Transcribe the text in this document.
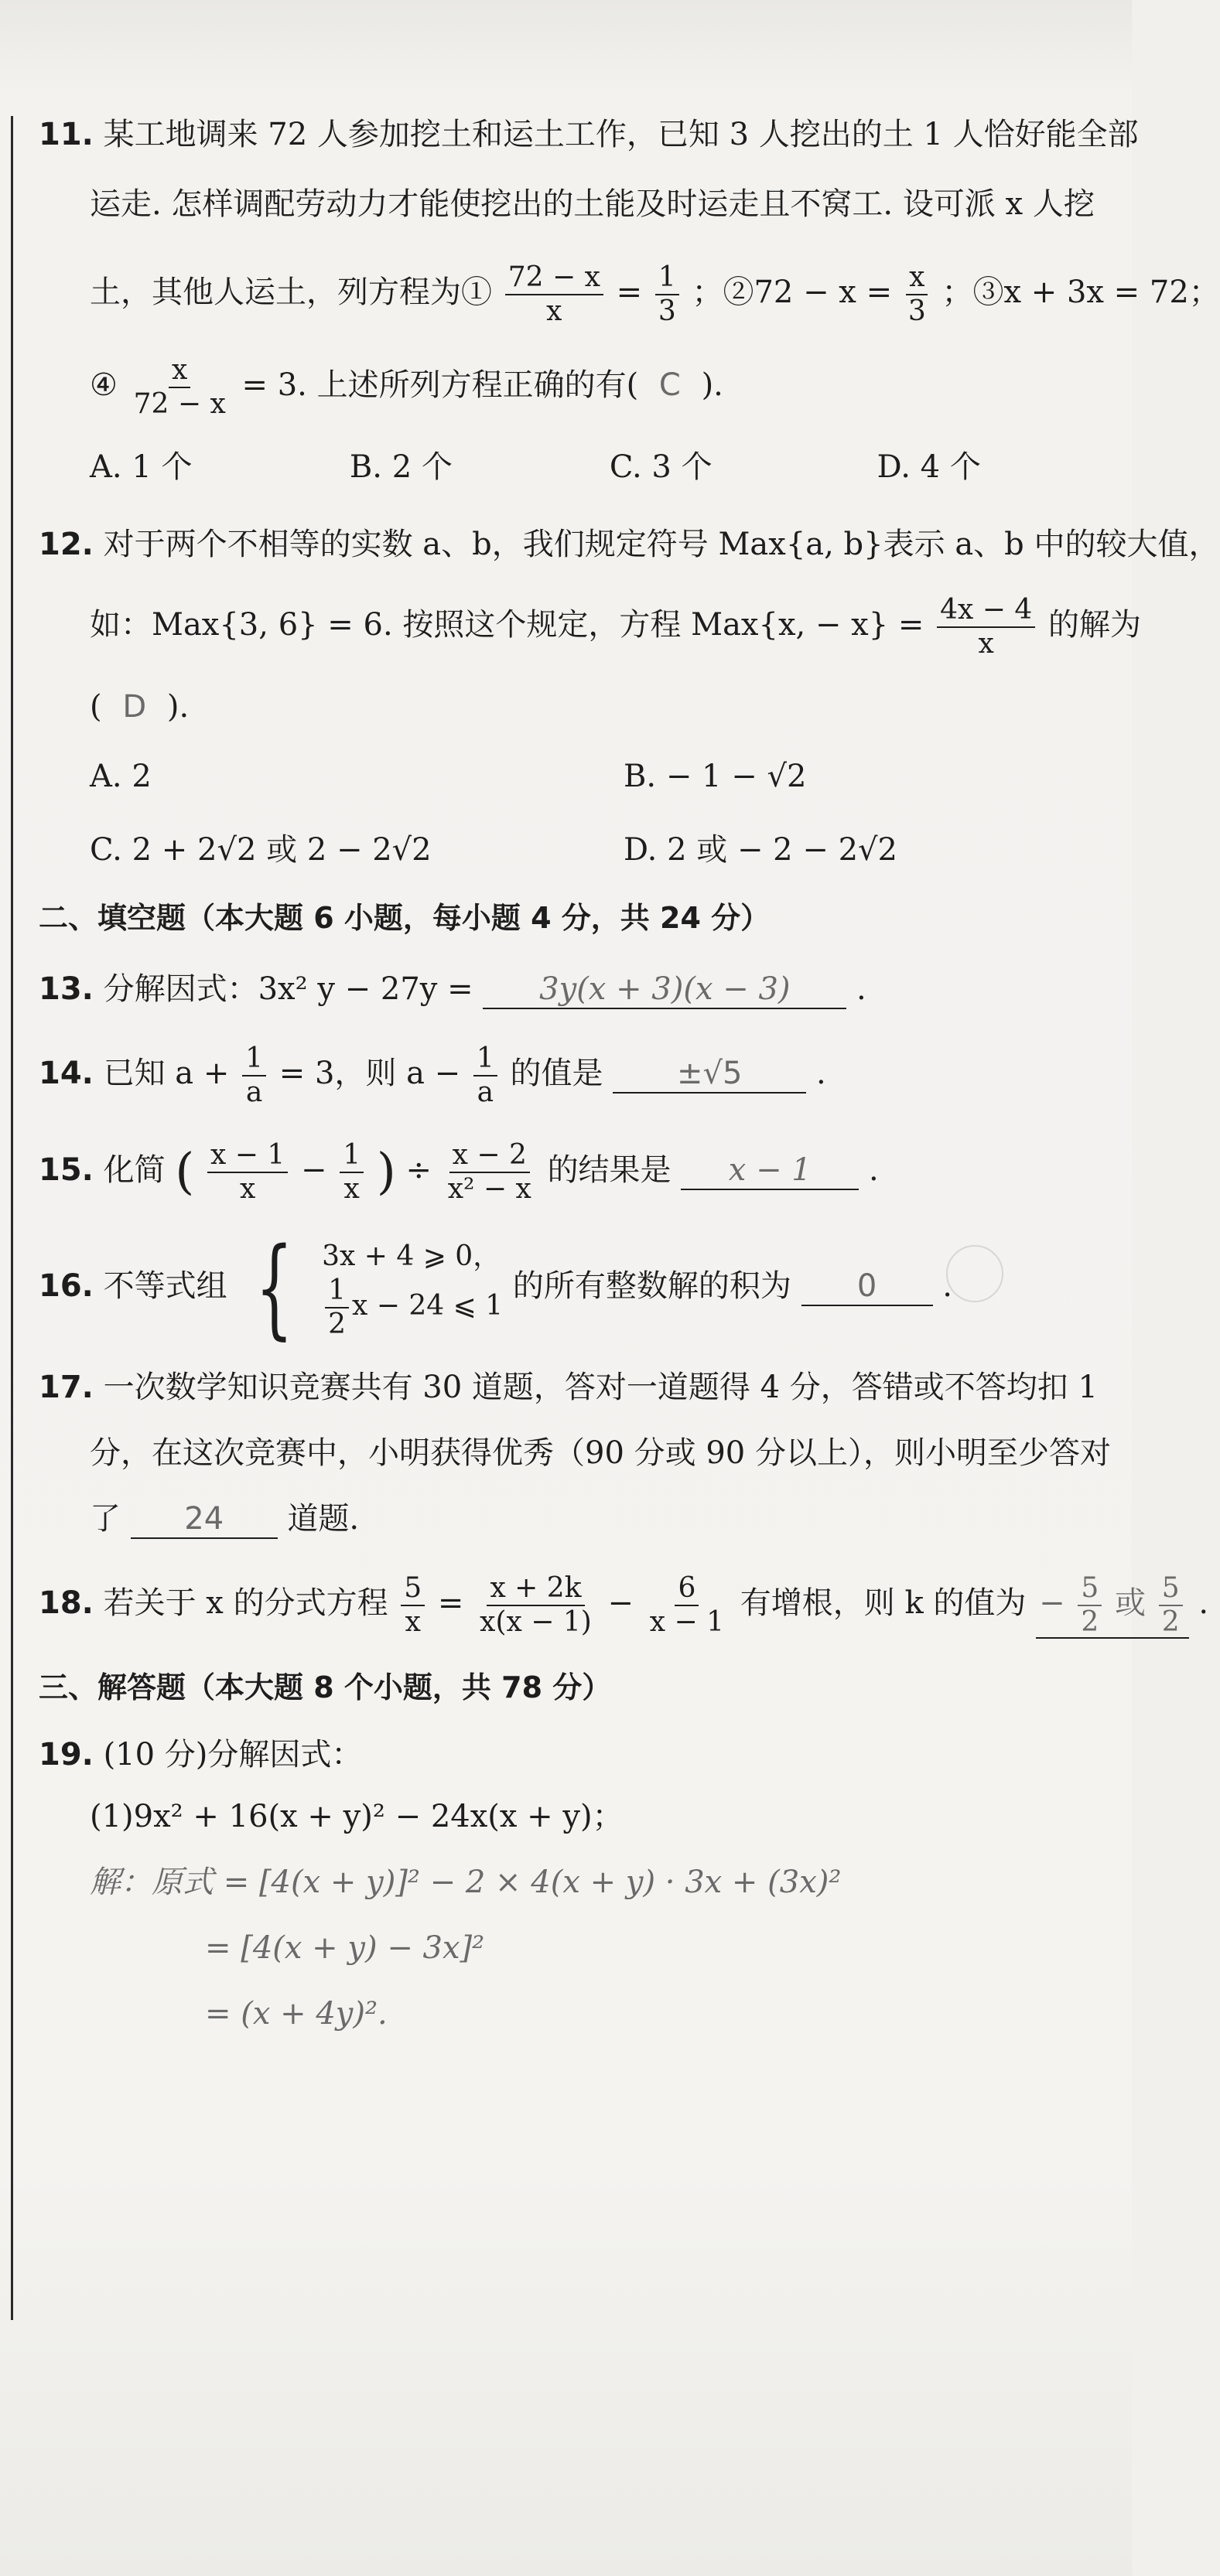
11. 某工地调来 72 人参加挖土和运土工作，已知 3 人挖出的土 1 人恰好能全部
运走. 怎样调配劳动力才能使挖出的土能及时运走且不窝工. 设可派 x 人挖
土，其他人运土，列方程为① $\frac{72 - x}{x} = \frac{1}{3}$ ；②72 − $x = \frac{x}{3}$ ；③x + 3x = 72；
④ $\frac{x}{72 - x} = 3$. 上述所列方程正确的有( C ).
A. 1 个	B. 2 个	C. 3 个	D. 4 个
12. 对于两个不相等的实数 a、b，我们规定符号 Max{a, b}表示 a、b 中的较大值，
如：Max{3, 6} = 6. 按照这个规定，方程 Max{x, − $x\} = \frac{4x - 4}{x}$ 的解为
( D ).
A. 2	B. − 1 − √2
C. 2 + 2√2 或 2 − 2√2	D. 2 或 − 2 − 2√2
二、填空题（本大题 6 小题，每小题 4 分，共 24 分）
13. 分解因式：3x² y − 27y = 3y(x + 3)(x − 3) .
14. 已知 $a + \frac{1}{a} = 3$，则 $a - \frac{1}{a}$ 的值是 ±√5 .
15. 化简 ( $\frac{x - 1}{x} - \frac{1}{x}$ ) ÷ $\frac{x - 2}{\text{x² − x}}$ 的结果是 x − 1 .
16. 不等式组 { 3x + 4 ⩾ 0，
$\frac{1}{2}$ x − 24 ⩽ 1

的所有整数解的积为 0 .
17. 一次数学知识竞赛共有 30 道题，答对一道题得 4 分，答错或不答均扣 1
分，在这次竞赛中，小明获得优秀（90 分或 90 分以上），则小明至少答对
了 24 道题.
18. 若关于 x 的分式方程 $\frac{5}{x} = \frac{x + 2k}{x(x - 1)} - \frac{6}{x - 1}$ 有增根，则 k 的值为 − $\frac{5}{2}$ 或 $\frac{5}{2}$ .
三、解答题（本大题 8 个小题，共 78 分）
19. (10 分)分解因式：
(1)9x² + 16(x + y)² − 24x(x + y)；
解：原式 = [4(x + y)]² − 2 × 4(x + y) · 3x + (3x)²
= [4(x + y) − 3x]²
= (x + 4y)².
